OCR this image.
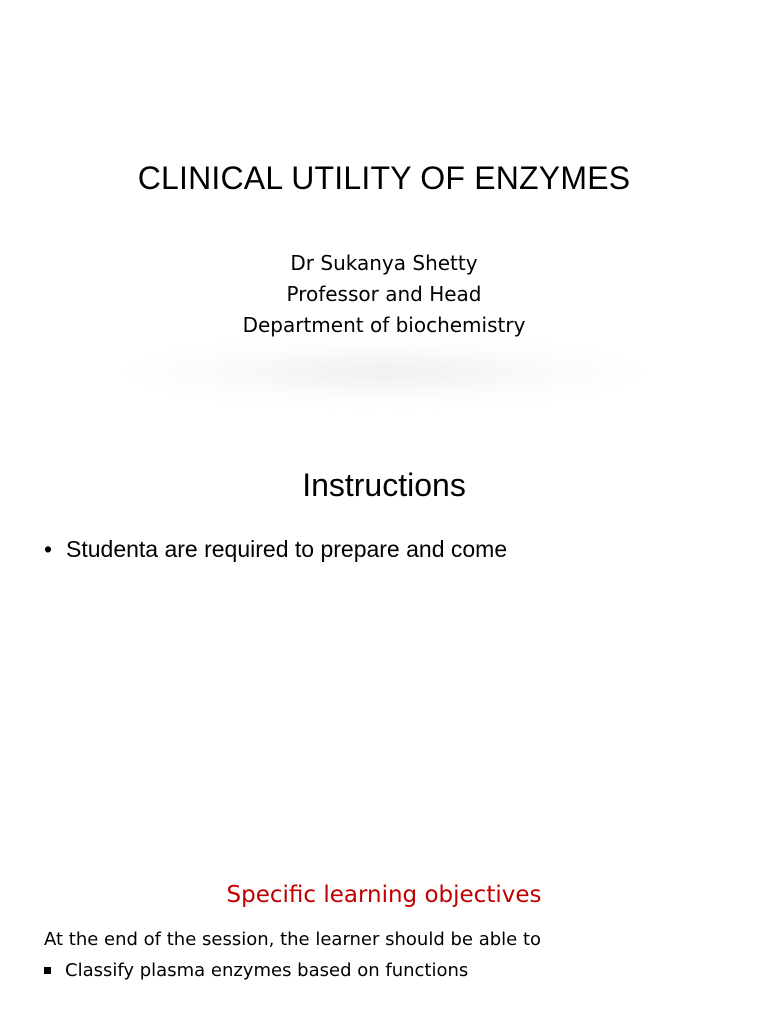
CLINICAL UTILITY OF ENZYMES
Dr Sukanya Shetty
Professor and Head
Department of biochemistry
Instructions
• Studenta are required to prepare and come
Specific learning objectives
At the end of the session, the learner should be able to
Classify plasma enzymes based on functions
